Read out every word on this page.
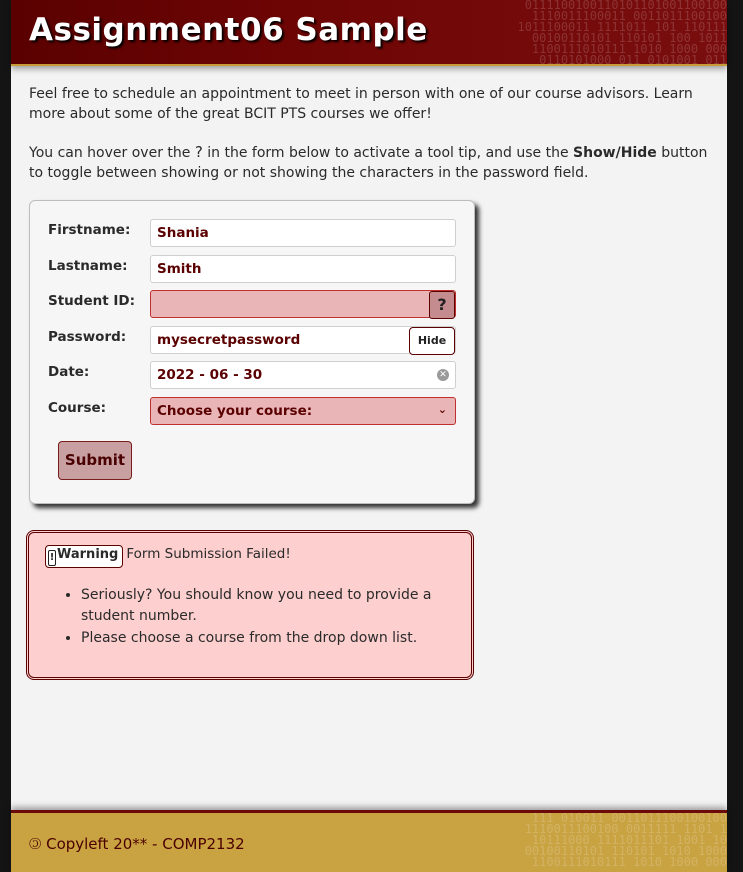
0111100100110101101001100100
1110011100011 0011011100100
1011100011 1111011 101 110111
00100110101 110101 100 1011
1100111010111 1010 1000 000
0110101000 011 0101001 011
Assignment06 Sample

Feel free to schedule an appointment to meet in person with one of our course advisors. Learn more about some of the great BCIT PTS courses we offer!

You can hover over the ? in the form below to activate a tool tip, and use the Show/Hide button to toggle between showing or not showing the characters in the password field.

Firstname:	Shania
Lastname:	Smith
Student ID:	?
Password:	mysecretpassword	Hide
Date:	2022 - 06 - 30	✕
Course:	Choose your course:	⌄
Submit
! Warning Form Submission Failed!
• Seriously? You should know you need to provide a student number.
• Please choose a course from the drop down list.
111 010011 0011011100100100
1110011100100 0011111 1101 1
10111000 1111011101 1001 10
00100110101 110101 1010 1000
1100111010111 1010 1000 000
🄯 Copyleft 20** - COMP2132
